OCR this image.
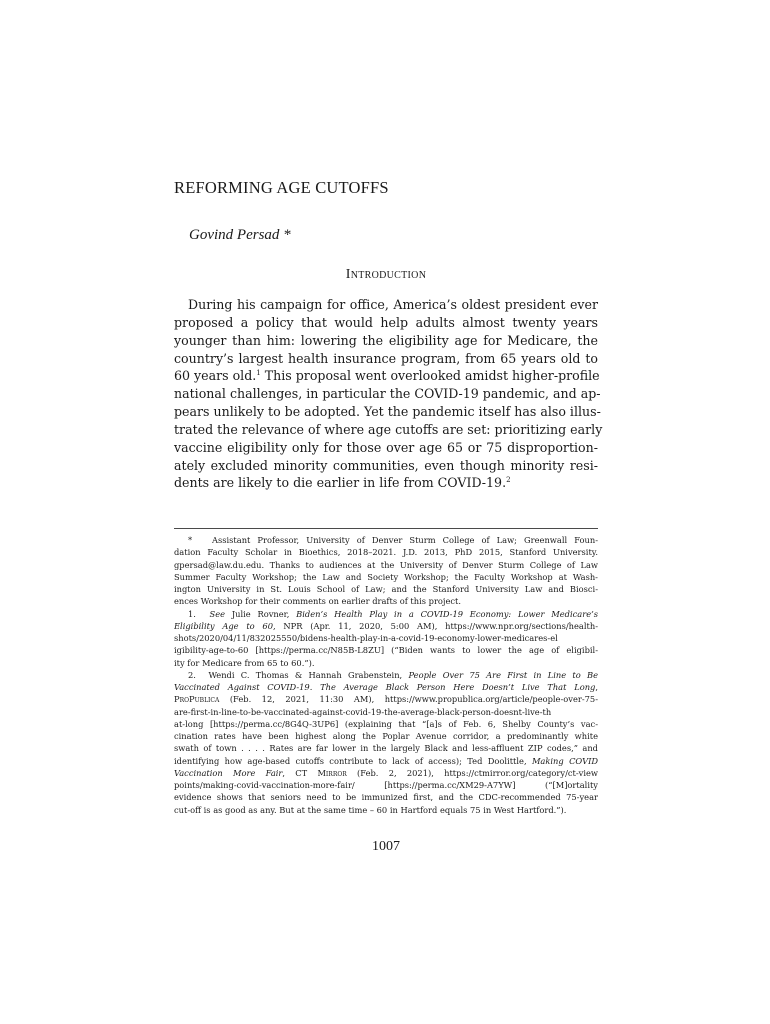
REFORMING AGE CUTOFFS
Govind Persad *
Introduction
During his campaign for office, America’s oldest president ever
proposed a policy that would help adults almost twenty years
younger than him: lowering the eligibility age for Medicare, the
country’s largest health insurance program, from 65 years old to
60 years old.$^1$ This proposal went overlooked amidst higher-profile
national challenges, in particular the COVID-19 pandemic, and ap-
pears unlikely to be adopted. Yet the pandemic itself has also illus-
trated the relevance of where age cutoffs are set: prioritizing early
vaccine eligibility only for those over age 65 or 75 disproportion-
ately excluded minority communities, even though minority resi-
dents are likely to die earlier in life from COVID-19.$^2$
* Assistant Professor, University of Denver Sturm College of Law; Greenwall Foun-
dation Faculty Scholar in Bioethics, 2018–2021. J.D. 2013, PhD 2015, Stanford University.
gpersad@law.du.edu. Thanks to audiences at the University of Denver Sturm College of Law
Summer Faculty Workshop; the Law and Society Workshop; the Faculty Workshop at Wash-
ington University in St. Louis School of Law; and the Stanford University Law and Biosci-
ences Workshop for their comments on earlier drafts of this project.
1. See Julie Rovner, Biden’s Health Play in a COVID-19 Economy: Lower Medicare’s
Eligibility Age to 60, NPR (Apr. 11, 2020, 5:00 AM), https://www.npr.org/sections/health-
shots/2020/04/11/832025550/bidens-health-play-in-a-covid-19-economy-lower-medicares-el
igibility-age-to-60 [https://perma.cc/N85B-L8ZU] (“Biden wants to lower the age of eligibil-
ity for Medicare from 65 to 60.”).
2. Wendi C. Thomas & Hannah Grabenstein, People Over 75 Are First in Line to Be
Vaccinated Against COVID-19. The Average Black Person Here Doesn’t Live That Long,
ProPublica (Feb. 12, 2021, 11:30 AM), https://www.propublica.org/article/people-over-75-
are-first-in-line-to-be-vaccinated-against-covid-19-the-average-black-person-doesnt-live-th
at-long [https://perma.cc/8G4Q-3UP6] (explaining that “[a]s of Feb. 6, Shelby County’s vac-
cination rates have been highest along the Poplar Avenue corridor, a predominantly white
swath of town . . . . Rates are far lower in the largely Black and less-affluent ZIP codes,” and
identifying how age-based cutoffs contribute to lack of access); Ted Doolittle, Making COVID
Vaccination More Fair, CT Mirror (Feb. 2, 2021), https://ctmirror.org/category/ct-view
points/making-covid-vaccination-more-fair/ [https://perma.cc/XM29-A7YW] (“[M]ortality
evidence shows that seniors need to be immunized first, and the CDC-recommended 75-year
cut-off is as good as any. But at the same time – 60 in Hartford equals 75 in West Hartford.”).
1007
